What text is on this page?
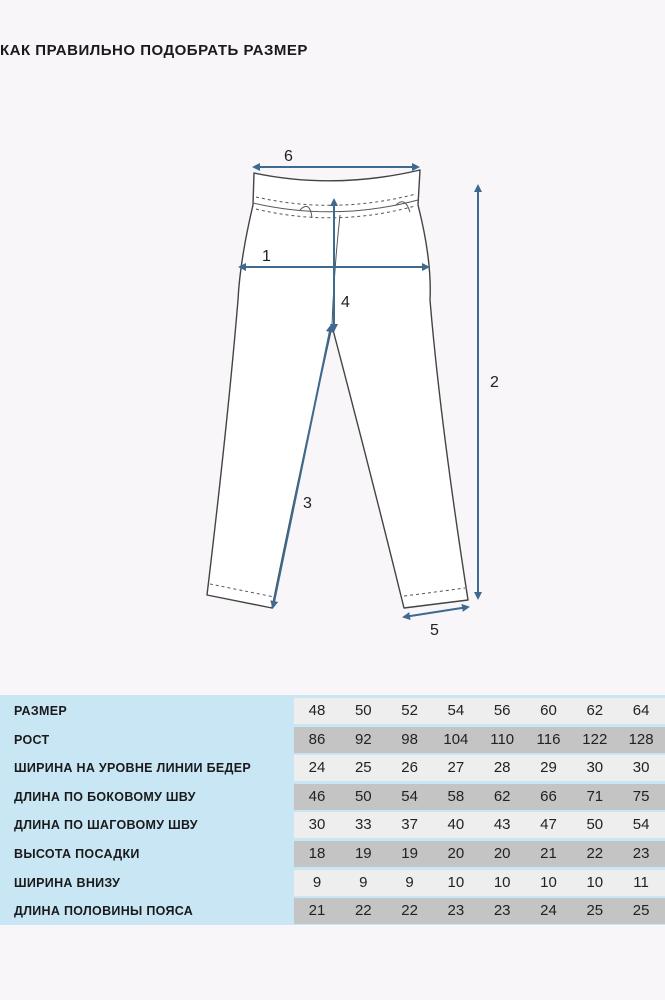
КАК ПРАВИЛЬНО ПОДОБРАТЬ РАЗМЕР
1
2
3
4
5
6
РАЗМЕР	48	50	52	54	56	60	62	64
РОСТ	86	92	98	104	110	116	122	128
ШИРИНА НА УРОВНЕ ЛИНИИ БЕДЕР	24	25	26	27	28	29	30	30
ДЛИНА ПО БОКОВОМУ ШВУ	46	50	54	58	62	66	71	75
ДЛИНА ПО ШАГОВОМУ ШВУ	30	33	37	40	43	47	50	54
ВЫСОТА ПОСАДКИ	18	19	19	20	20	21	22	23
ШИРИНА ВНИЗУ	9	9	9	10	10	10	10	11
ДЛИНА ПОЛОВИНЫ ПОЯСА	21	22	22	23	23	24	25	25
